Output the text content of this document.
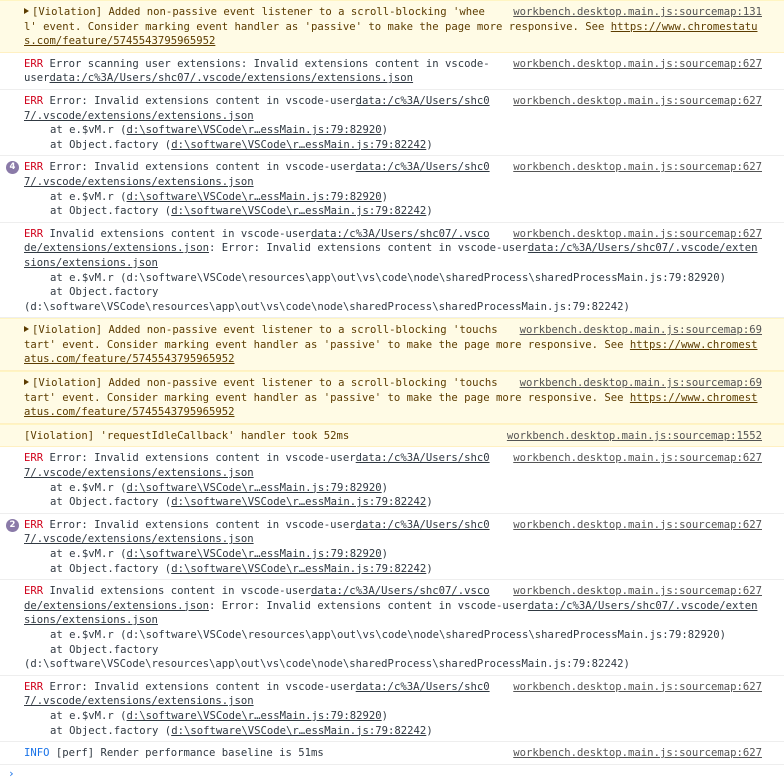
workbench.desktop.main.js:sourcemap:131
[Violation] Added non-passive event listener to a scroll-blocking 'wheel' event. Consider marking event handler as 'passive' to make the page more responsive. See https://www.chromestatus.com/feature/5745543795965952
workbench.desktop.main.js:sourcemap:627
ERR Error scanning user extensions: Invalid extensions content in vscode-userdata:/c%3A/Users/shc07/.vscode/extensions/extensions.json
workbench.desktop.main.js:sourcemap:627
ERR Error: Invalid extensions content in vscode-userdata:/c%3A/Users/shc07/.vscode/extensions/extensions.json
at e.$vM.r (d:\software\VSCode\r…essMain.js:79:82920)
at Object.factory (d:\software\VSCode\r…essMain.js:79:82242)
4	workbench.desktop.main.js:sourcemap:627
ERR Error: Invalid extensions content in vscode-userdata:/c%3A/Users/shc07/.vscode/extensions/extensions.json
at e.$vM.r (d:\software\VSCode\r…essMain.js:79:82920)
at Object.factory (d:\software\VSCode\r…essMain.js:79:82242)
workbench.desktop.main.js:sourcemap:627
ERR Invalid extensions content in vscode-userdata:/c%3A/Users/shc07/.vscode/extensions/extensions.json: Error: Invalid extensions content in vscode-userdata:/c%3A/Users/shc07/.vscode/extensions/extensions.json
at e.$vM.r (d:\software\VSCode\resources\app\out\vs\code\node\sharedProcess\sharedProcessMain.js:79:82920)
at Object.factory
(d:\software\VSCode\resources\app\out\vs\code\node\sharedProcess\sharedProcessMain.js:79:82242)
workbench.desktop.main.js:sourcemap:69
[Violation] Added non-passive event listener to a scroll-blocking 'touchstart' event. Consider marking event handler as 'passive' to make the page more responsive. See https://www.chromestatus.com/feature/5745543795965952
workbench.desktop.main.js:sourcemap:69
[Violation] Added non-passive event listener to a scroll-blocking 'touchstart' event. Consider marking event handler as 'passive' to make the page more responsive. See https://www.chromestatus.com/feature/5745543795965952
workbench.desktop.main.js:sourcemap:1552
[Violation] 'requestIdleCallback' handler took 52ms
workbench.desktop.main.js:sourcemap:627
ERR Error: Invalid extensions content in vscode-userdata:/c%3A/Users/shc07/.vscode/extensions/extensions.json
at e.$vM.r (d:\software\VSCode\r…essMain.js:79:82920)
at Object.factory (d:\software\VSCode\r…essMain.js:79:82242)
2	workbench.desktop.main.js:sourcemap:627
ERR Error: Invalid extensions content in vscode-userdata:/c%3A/Users/shc07/.vscode/extensions/extensions.json
at e.$vM.r (d:\software\VSCode\r…essMain.js:79:82920)
at Object.factory (d:\software\VSCode\r…essMain.js:79:82242)
workbench.desktop.main.js:sourcemap:627
ERR Invalid extensions content in vscode-userdata:/c%3A/Users/shc07/.vscode/extensions/extensions.json: Error: Invalid extensions content in vscode-userdata:/c%3A/Users/shc07/.vscode/extensions/extensions.json
at e.$vM.r (d:\software\VSCode\resources\app\out\vs\code\node\sharedProcess\sharedProcessMain.js:79:82920)
at Object.factory
(d:\software\VSCode\resources\app\out\vs\code\node\sharedProcess\sharedProcessMain.js:79:82242)
workbench.desktop.main.js:sourcemap:627
ERR Error: Invalid extensions content in vscode-userdata:/c%3A/Users/shc07/.vscode/extensions/extensions.json
at e.$vM.r (d:\software\VSCode\r…essMain.js:79:82920)
at Object.factory (d:\software\VSCode\r…essMain.js:79:82242)
workbench.desktop.main.js:sourcemap:627
INFO [perf] Render performance baseline is 51ms
›
